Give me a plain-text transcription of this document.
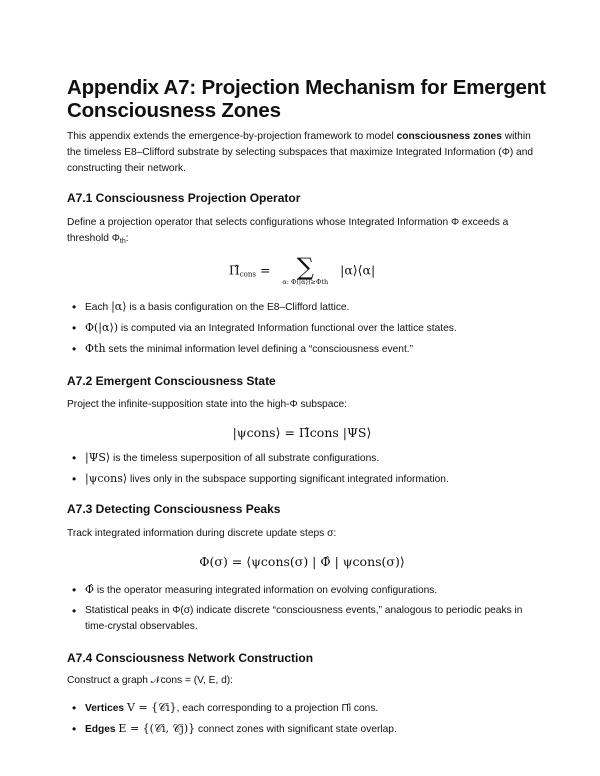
Appendix A7: Projection Mechanism for Emergent Consciousness Zones

This appendix extends the emergence-by-projection framework to model consciousness zones within the timeless E8–Clifford substrate by selecting subspaces that maximize Integrated Information (Φ) and constructing their network.

A7.1 Consciousness Projection Operator

Define a projection operator that selects configurations whose Integrated Information Φ exceeds a threshold $\Phi_{th}$:

$\Pî_{cons}$ = ∑
α: Φ(|α⟩)≥Φth
|α⟩⟨α|
• Each |α⟩ is a basis configuration on the E8–Clifford lattice.
• Φ(|α⟩) is computed via an Integrated Information functional over the lattice states.
• Φth sets the minimal information level defining a “consciousness event.”
A7.2 Emergent Consciousness State

Project the infinite-supposition state into the high-Φ subspace:

|ψcons⟩ = Π̂cons |ΨS⟩
• |ΨS⟩ is the timeless superposition of all substrate configurations.
• |ψcons⟩ lives only in the subspace supporting significant integrated information.
A7.3 Detecting Consciousness Peaks

Track integrated information during discrete update steps σ:

Φ(σ) = ⟨ψcons(σ) | Φ̂ | ψcons(σ)⟩
• Φ̂ is the operator measuring integrated information on evolving configurations.
• Statistical peaks in Φ(σ) indicate discrete “consciousness events,” analogous to periodic peaks in time-crystal observables.
A7.4 Consciousness Network Construction

Construct a graph 𝒩cons = (V, E, d):

• Vertices V = {𝒞i}, each corresponding to a projection Π̂i cons.
• Edges E = {(𝒞i, 𝒞j)} connect zones with significant state overlap.
